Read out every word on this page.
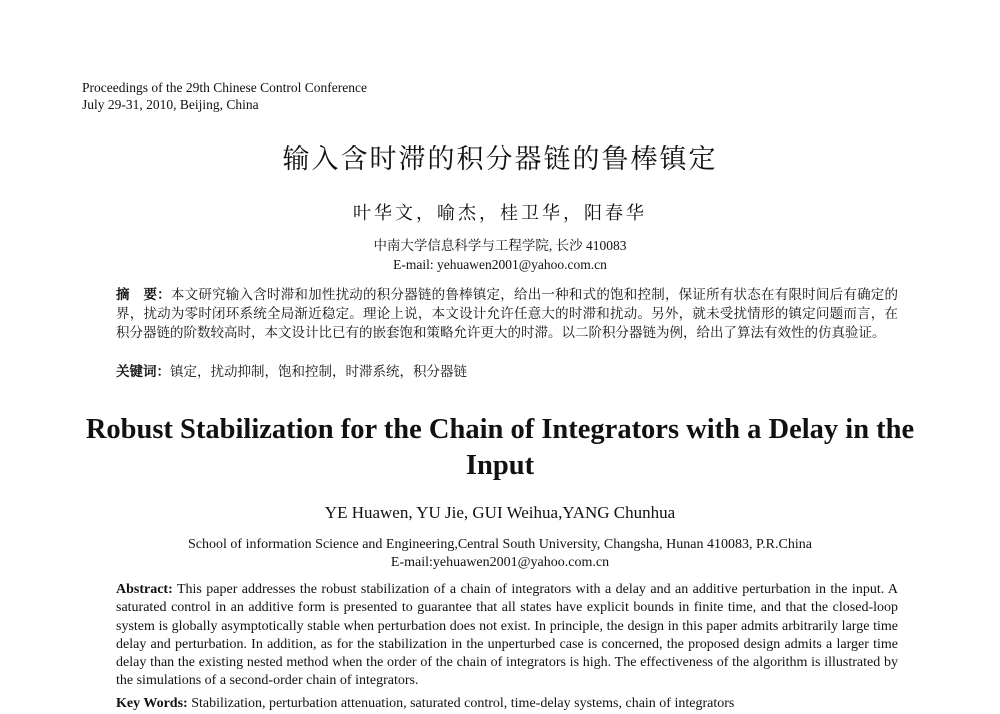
Proceedings of the 29th Chinese Control Conference
July 29-31, 2010, Beijing, China
输入含时滞的积分器链的鲁棒镇定
叶华文，喻杰，桂卫华，阳春华
中南大学信息科学与工程学院, 长沙 410083
E-mail: yehuawen2001@yahoo.com.cn
摘　要：本文研究输入含时滞和加性扰动的积分器链的鲁棒镇定，给出一种和式的饱和控制，保证所有状态在有限时间后有确定的界，扰动为零时闭环系统全局渐近稳定。理论上说，本文设计允许任意大的时滞和扰动。另外，就未受扰情形的镇定问题而言，在积分器链的阶数较高时，本文设计比已有的嵌套饱和策略允许更大的时滞。以二阶积分器链为例，给出了算法有效性的仿真验证。
关键词：镇定，扰动抑制，饱和控制，时滞系统，积分器链
Robust Stabilization for the Chain of Integrators with a Delay in the Input
YE Huawen, YU Jie, GUI Weihua,YANG Chunhua
School of information Science and Engineering,Central South University, Changsha, Hunan 410083, P.R.China
E-mail:yehuawen2001@yahoo.com.cn
Abstract: This paper addresses the robust stabilization of a chain of integrators with a delay and an additive perturbation in the input. A saturated control in an additive form is presented to guarantee that all states have explicit bounds in finite time, and that the closed-loop system is globally asymptotically stable when perturbation does not exist. In principle, the design in this paper admits arbitrarily large time delay and perturbation. In addition, as for the stabilization in the unperturbed case is concerned, the proposed design admits a larger time delay than the existing nested method when the order of the chain of integrators is high. The effectiveness of the algorithm is illustrated by the simulations of a second-order chain of integrators.
Key Words: Stabilization, perturbation attenuation, saturated control, time-delay systems, chain of integrators
